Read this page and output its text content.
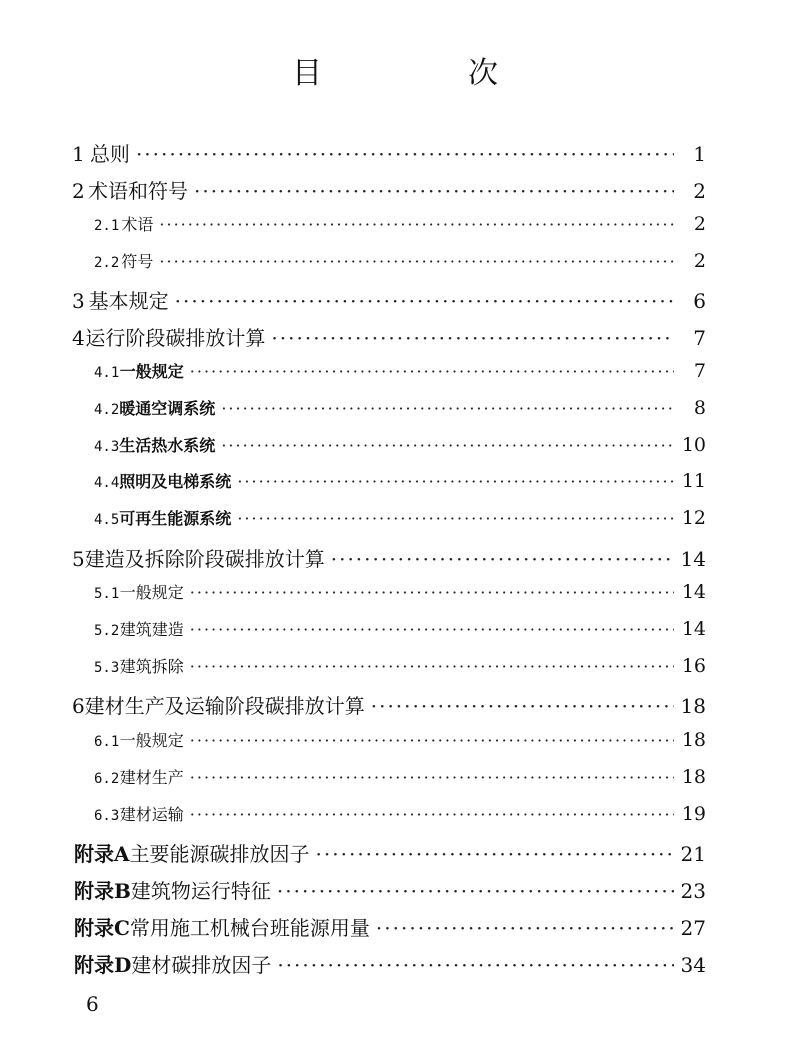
目　次
1 总则 ·····	1
2 术语和符号 ·····	2
2.1 术语 ·····	2
2.2 符号 ·····	2
3 基本规定 ·····	6
4 运行阶段碳排放计算 ·····	7
4.1 一般规定 ·····	7
4.2 暖通空调系统 ·····	8
4.3 生活热水系统 ·····	10
4.4 照明及电梯系统 ·····	11
4.5 可再生能源系统 ·····	12
5 建造及拆除阶段碳排放计算 ·····	14
5.1 一般规定 ·····	14
5.2 建筑建造 ·····	14
5.3 建筑拆除 ·····	16
6 建材生产及运输阶段碳排放计算 ·····	18
6.1 一般规定 ·····	18
6.2 建材生产 ·····	18
6.3 建材运输 ·····	19
附录A 主要能源碳排放因子 ·····	21
附录B 建筑物运行特征 ·····	23
附录C 常用施工机械台班能源用量 ·····	27
附录D 建材碳排放因子 ·····	34
6
